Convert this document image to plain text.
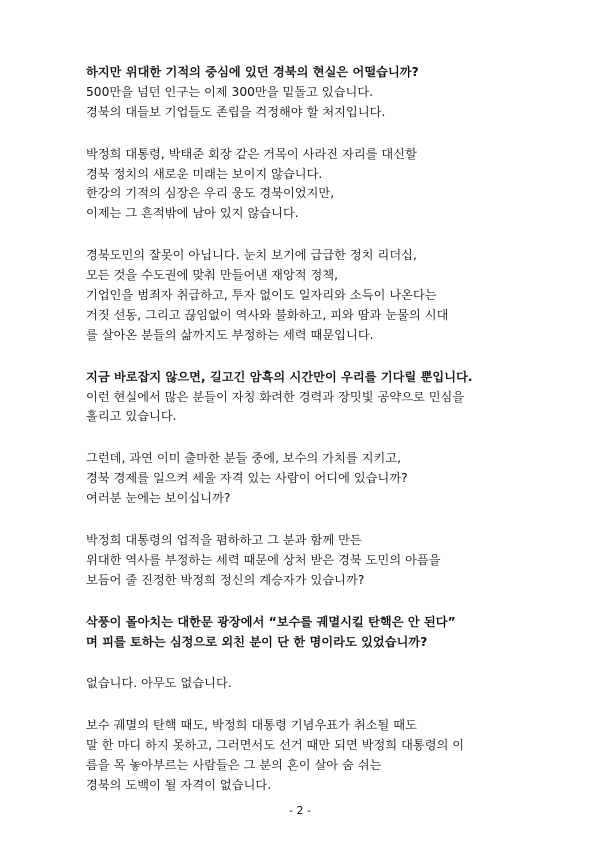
하지만 위대한 기적의 중심에 있던 경북의 현실은 어떨습니까?
500만을 넘던 인구는 이제 300만을 밑돌고 있습니다.
경북의 대들보 기업들도 존립을 걱정해야 할 처지입니다.
박정희 대통령, 박태준 회장 같은 거목이 사라진 자리를 대신할
경북 정치의 새로운 미래는 보이지 않습니다.
한강의 기적의 심장은 우리 웅도 경북이었지만,
이제는 그 흔적밖에 남아 있지 않습니다.
경북도민의 잘못이 아닙니다. 눈치 보기에 급급한 정치 리더십,
모든 것을 수도권에 맞춰 만들어낸 재앙적 정책,
기업인을 범죄자 취급하고, 투자 없이도 일자리와 소득이 나온다는
거짓 선동, 그리고 끊임없이 역사와 불화하고, 피와 땀과 눈물의 시대
를 살아온 분들의 삶까지도 부정하는 세력 때문입니다.
지금 바로잡지 않으면, 길고긴 암흑의 시간만이 우리를 기다릴 뿐입니다.
이런 현실에서 많은 분들이 자칭 화려한 경력과 장밋빛 공약으로 민심을
홀리고 있습니다.
그런데, 과연 이미 출마한 분들 중에, 보수의 가치를 지키고,
경북 경제를 일으켜 세울 자격 있는 사람이 어디에 있습니까?
여러분 눈에는 보이십니까?
박정희 대통령의 업적을 폄하하고 그 분과 함께 만든
위대한 역사를 부정하는 세력 때문에 상처 받은 경북 도민의 아픔을
보듬어 줄 진정한 박정희 정신의 계승자가 있습니까?
삭풍이 몰아치는 대한문 광장에서 “보수를 궤멸시킬 탄핵은 안 된다”
며 피를 토하는 심정으로 외친 분이 단 한 명이라도 있었습니까?
없습니다. 아무도 없습니다.
보수 궤멸의 탄핵 때도, 박정희 대통령 기념우표가 취소될 때도
말 한 마디 하지 못하고, 그러면서도 선거 때만 되면 박정희 대통령의 이
름을 목 놓아부르는 사람들은 그 분의 혼이 살아 숨 쉬는
경북의 도백이 될 자격이 없습니다.
- 2 -
